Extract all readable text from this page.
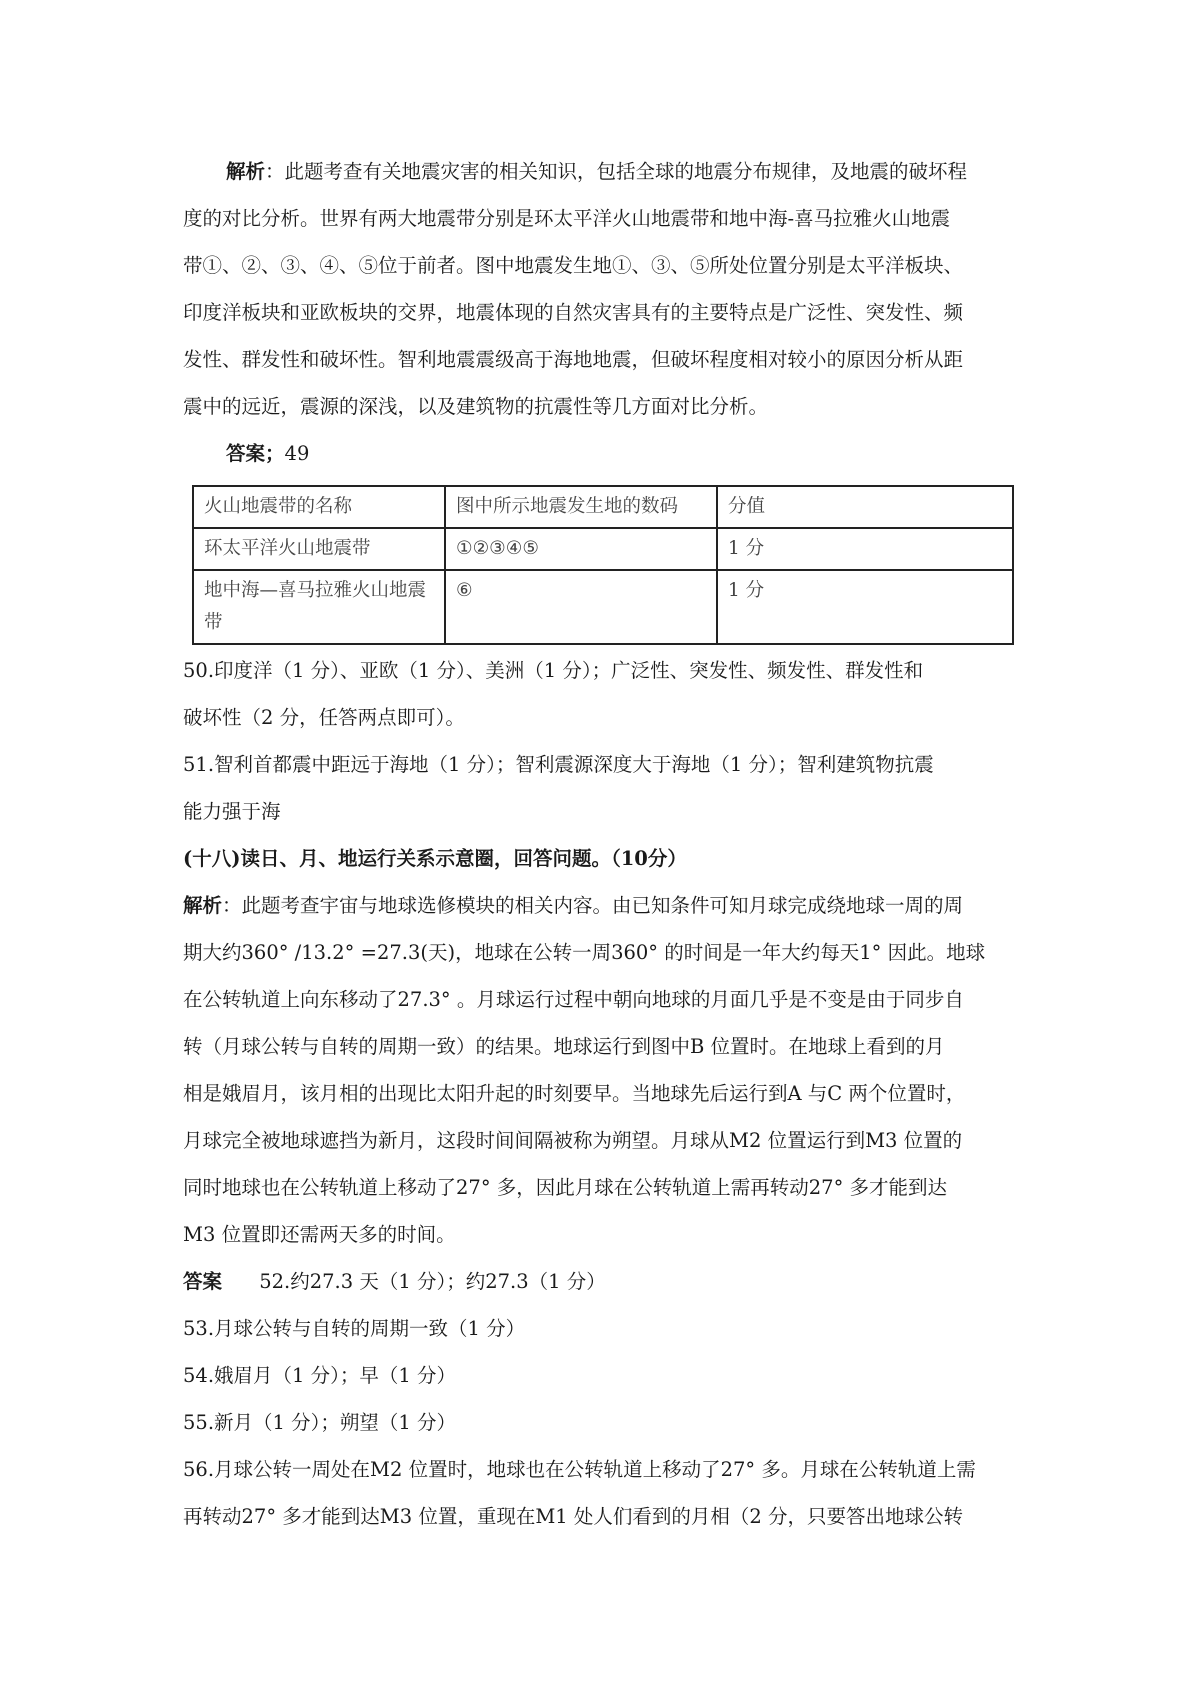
解析：此题考查有关地震灾害的相关知识，包括全球的地震分布规律，及地震的破坏程
度的对比分析。世界有两大地震带分别是环太平洋火山地震带和地中海-喜马拉雅火山地震
带①、②、③、④、⑤位于前者。图中地震发生地①、③、⑤所处位置分别是太平洋板块、
印度洋板块和亚欧板块的交界，地震体现的自然灾害具有的主要特点是广泛性、突发性、频
发性、群发性和破坏性。智利地震震级高于海地地震，但破坏程度相对较小的原因分析从距
震中的远近，震源的深浅，以及建筑物的抗震性等几方面对比分析。

答案；49

火山地震带的名称	图中所示地震发生地的数码	分值
环太平洋火山地震带	①②③④⑤	1 分
地中海—喜马拉雅火山地震带	⑥	1 分

50.印度洋（1 分）、亚欧（1 分）、美洲（1 分）；广泛性、突发性、频发性、群发性和
破坏性（2 分，任答两点即可）。
51.智利首都震中距远于海地（1 分）；智利震源深度大于海地（1 分）；智利建筑物抗震
能力强于海

(十八)读日、月、地运行关系示意圈，回答问题。（10分）

解析：此题考查宇宙与地球选修模块的相关内容。由已知条件可知月球完成绕地球一周的周
期大约360° /13.2° =27.3(天)，地球在公转一周360° 的时间是一年大约每天1° 因此。地球
在公转轨道上向东移动了27.3° 。月球运行过程中朝向地球的月面几乎是不变是由于同步自
转（月球公转与自转的周期一致）的结果。地球运行到图中B 位置时。在地球上看到的月
相是娥眉月，该月相的出现比太阳升起的时刻要早。当地球先后运行到A 与C 两个位置时，
月球完全被地球遮挡为新月，这段时间间隔被称为朔望。月球从M2 位置运行到M3 位置的
同时地球也在公转轨道上移动了27° 多，因此月球在公转轨道上需再转动27° 多才能到达
M3 位置即还需两天多的时间。

答案 52.约27.3 天（1 分）；约27.3（1 分）
53.月球公转与自转的周期一致（1 分）
54.娥眉月（1 分）；早（1 分）
55.新月（1 分）；朔望（1 分）
56.月球公转一周处在M2 位置时，地球也在公转轨道上移动了27° 多。月球在公转轨道上需
再转动27° 多才能到达M3 位置，重现在M1 处人们看到的月相（2 分，只要答出地球公转
